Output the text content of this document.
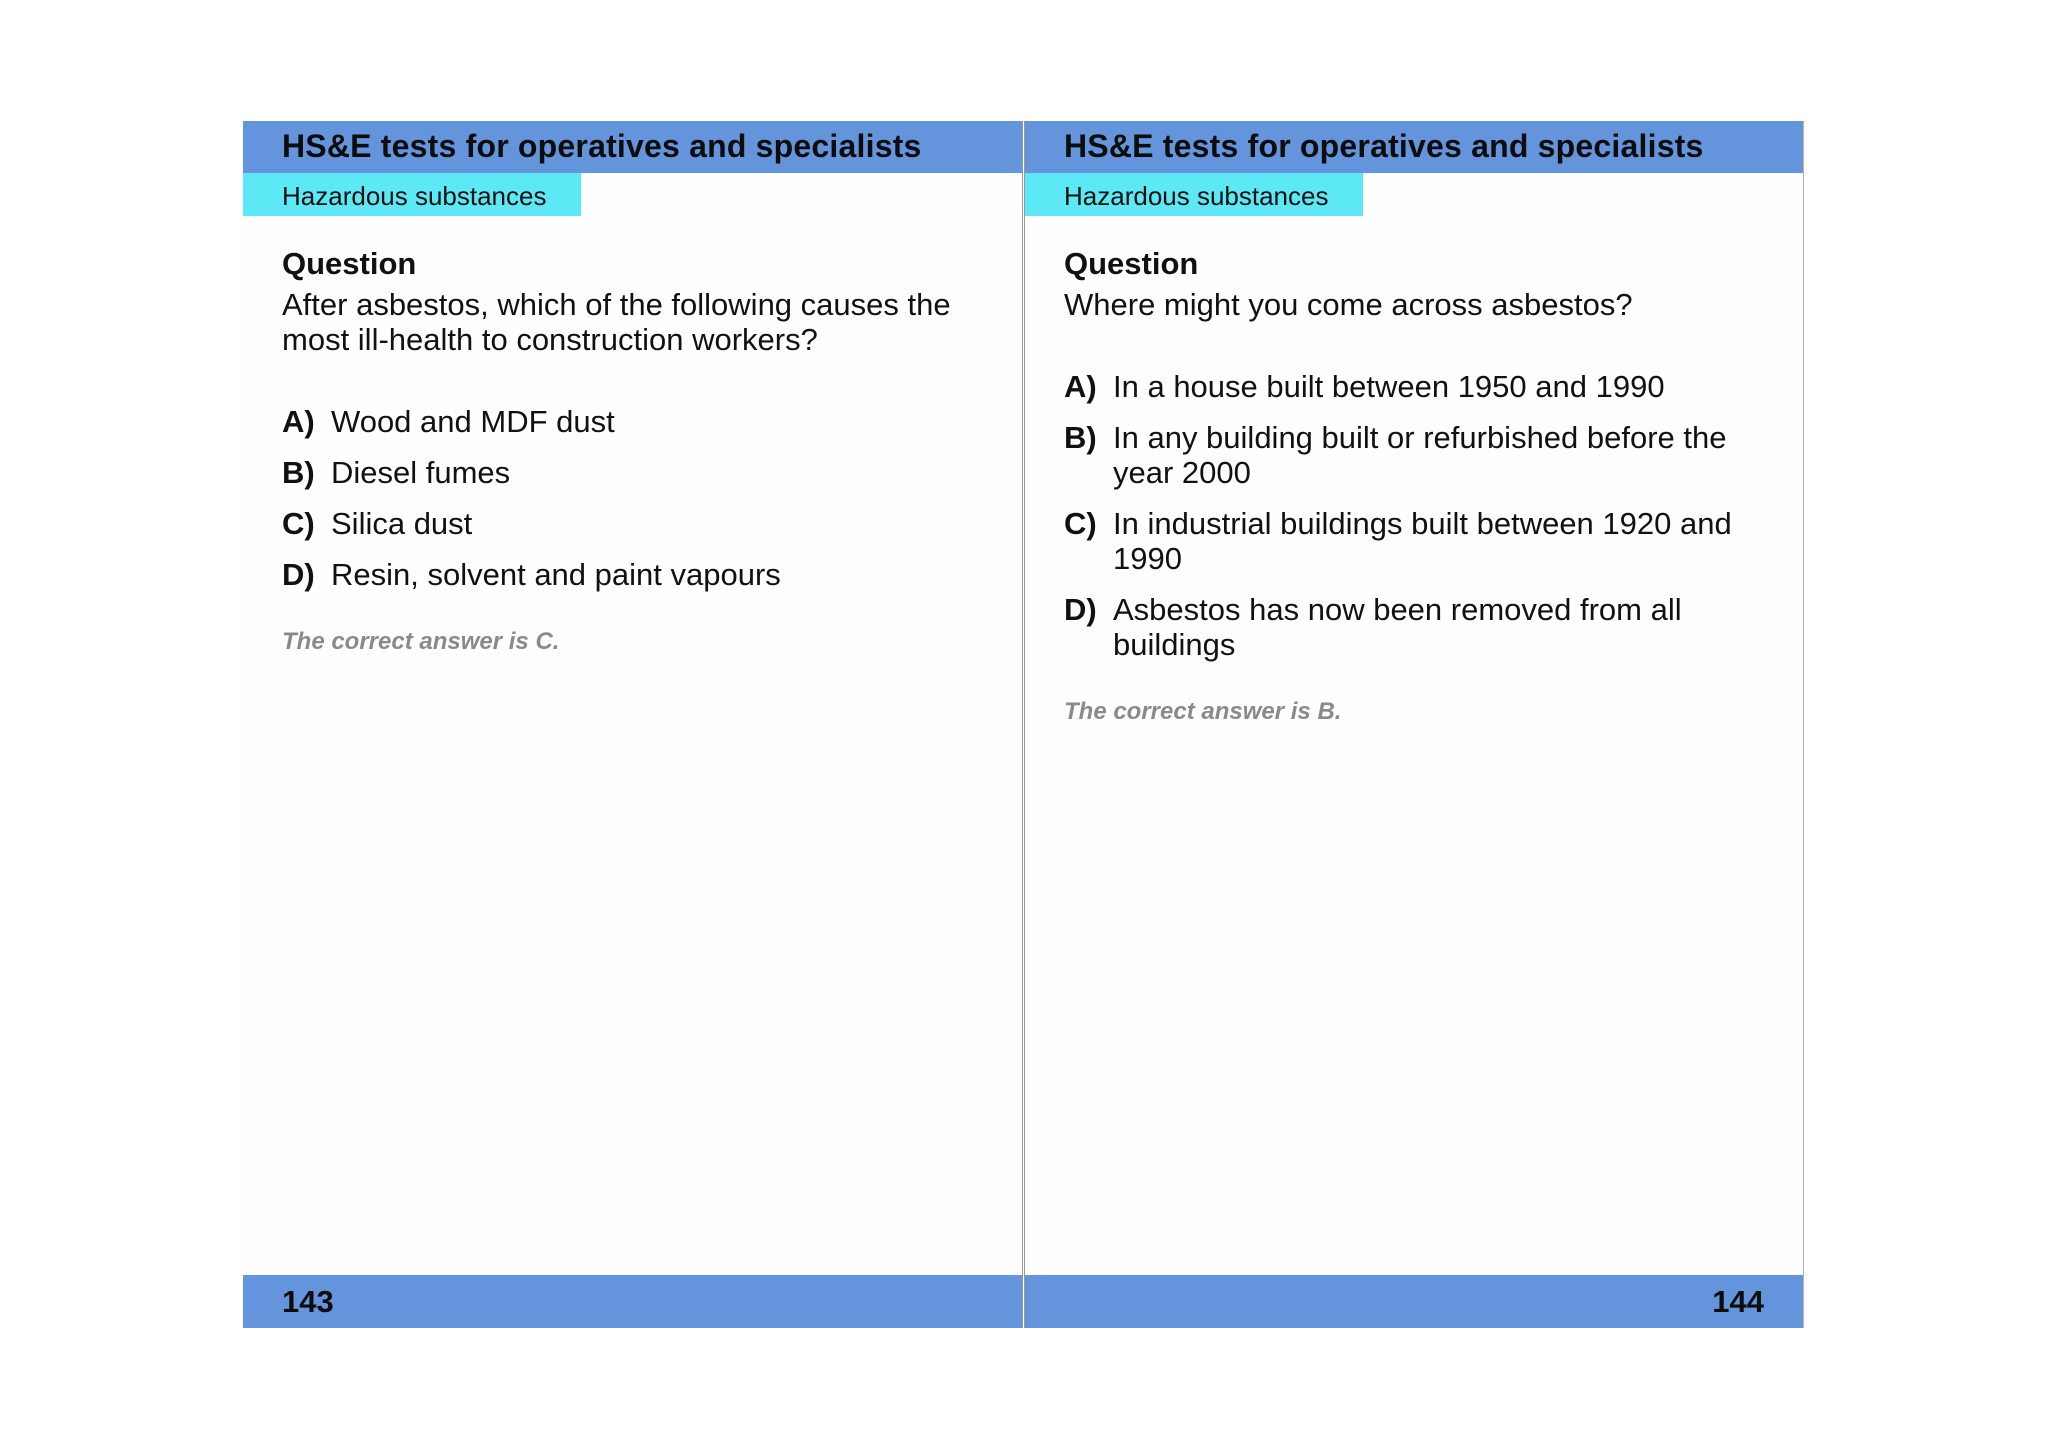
HS&E tests for operatives and specialists
Hazardous substances

Question

After asbestos, which of the following causes the most ill-health to construction workers?

A) Wood and MDF dust
B) Diesel fumes
C) Silica dust
D) Resin, solvent and paint vapours

The correct answer is C.

143
HS&E tests for operatives and specialists
Hazardous substances

Question

Where might you come across asbestos?

A) In a house built between 1950 and 1990
B) In any building built or refurbished before the year 2000
C) In industrial buildings built between 1920 and 1990
D) Asbestos has now been removed from all buildings

The correct answer is B.

144
